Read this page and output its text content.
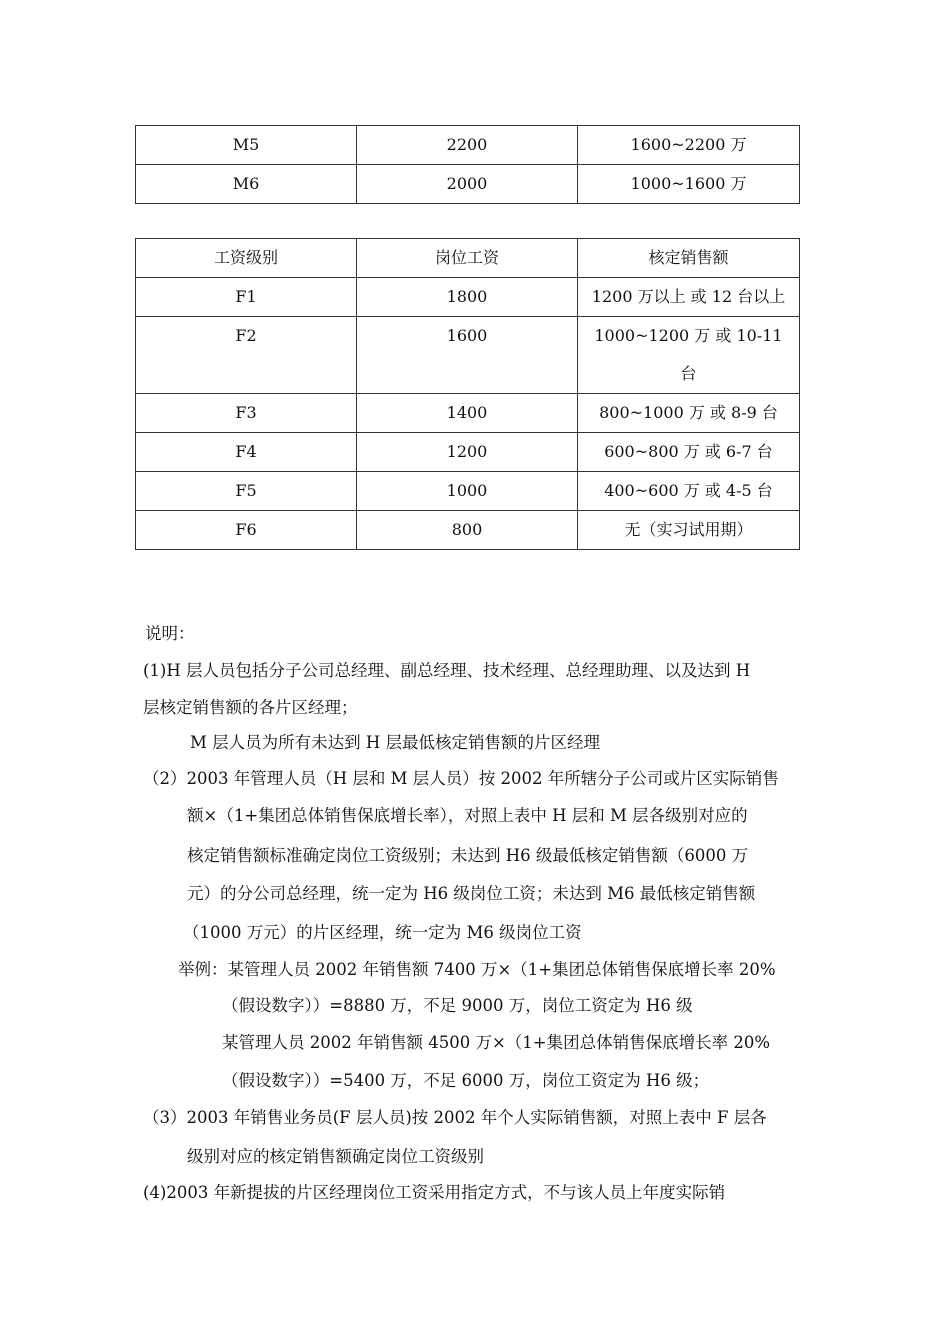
M5	2200	1600~2200 万
M6	2000	1000~1600 万
工资级别	岗位工资	核定销售额
F1	1800	1200 万以上 或 12 台以上
F2	1600	1000~1200 万 或 10-11 台
F3	1400	800~1000 万 或 8-9 台
F4	1200	600~800 万 或 6-7 台
F5	1000	400~600 万 或 4-5 台
F6	800	无（实习试用期）
说明：
(1)H 层人员包括分子公司总经理、副总经理、技术经理、总经理助理、以及达到 H
层核定销售额的各片区经理；
M 层人员为所有未达到 H 层最低核定销售额的片区经理
（2）2003 年管理人员（H 层和 M 层人员）按 2002 年所辖分子公司或片区实际销售
额×（1+集团总体销售保底增长率），对照上表中 H 层和 M 层各级别对应的
核定销售额标准确定岗位工资级别；未达到 H6 级最低核定销售额（6000 万
元）的分公司总经理，统一定为 H6 级岗位工资；未达到 M6 最低核定销售额
（1000 万元）的片区经理，统一定为 M6 级岗位工资
举例：某管理人员 2002 年销售额 7400 万×（1+集团总体销售保底增长率 20%
（假设数字））=8880 万，不足 9000 万，岗位工资定为 H6 级
某管理人员 2002 年销售额 4500 万×（1+集团总体销售保底增长率 20%
（假设数字））=5400 万，不足 6000 万，岗位工资定为 H6 级；
（3）2003 年销售业务员(F 层人员)按 2002 年个人实际销售额，对照上表中 F 层各
级别对应的核定销售额确定岗位工资级别
(4)2003 年新提拔的片区经理岗位工资采用指定方式，不与该人员上年度实际销
